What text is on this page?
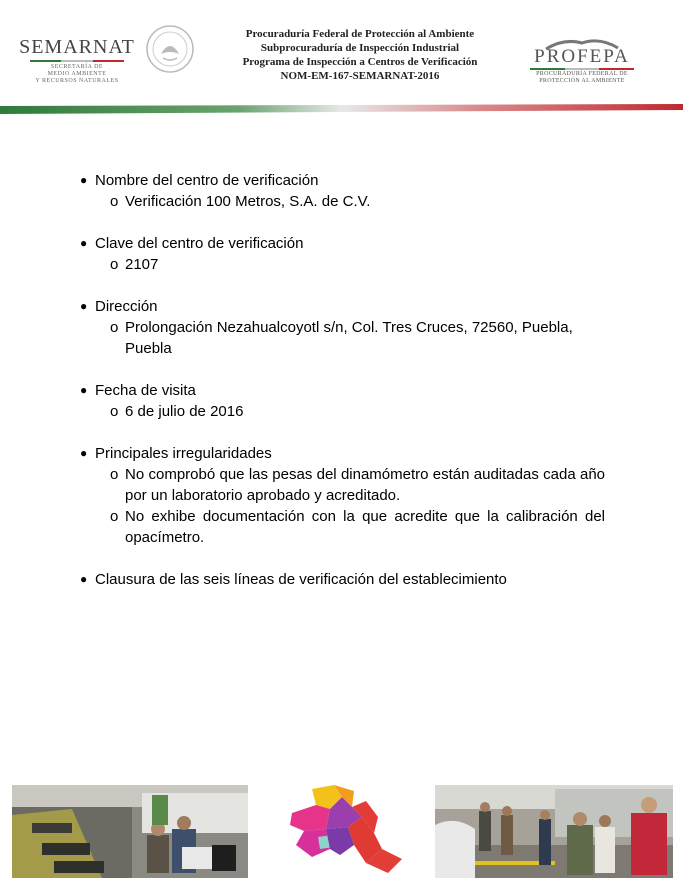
SEMARNAT
SECRETARÍA DE
MEDIO AMBIENTE
Y RECURSOS NATURALES
Procuraduría Federal de Protección al Ambiente
Subprocuraduría de Inspección Industrial
Programa de Inspección a Centros de Verificación
NOM-EM-167-SEMARNAT-2016
PROFEPA
PROCURADURÍA FEDERAL DE
PROTECCIÓN AL AMBIENTE
● Nombre del centro de verificación
o Verificación 100 Metros, S.A. de C.V.
● Clave del centro de verificación
o 2107
● Dirección
o Prolongación Nezahualcoyotl s/n, Col. Tres Cruces, 72560, Puebla, Puebla
● Fecha de visita
o 6 de julio de 2016
● Principales irregularidades
o No comprobó que las pesas del dinamómetro están auditadas cada año por un laboratorio aprobado y acreditado.
o No exhibe documentación con la que acredite que la calibración del opacímetro.
● Clausura de las seis líneas de verificación del establecimiento
